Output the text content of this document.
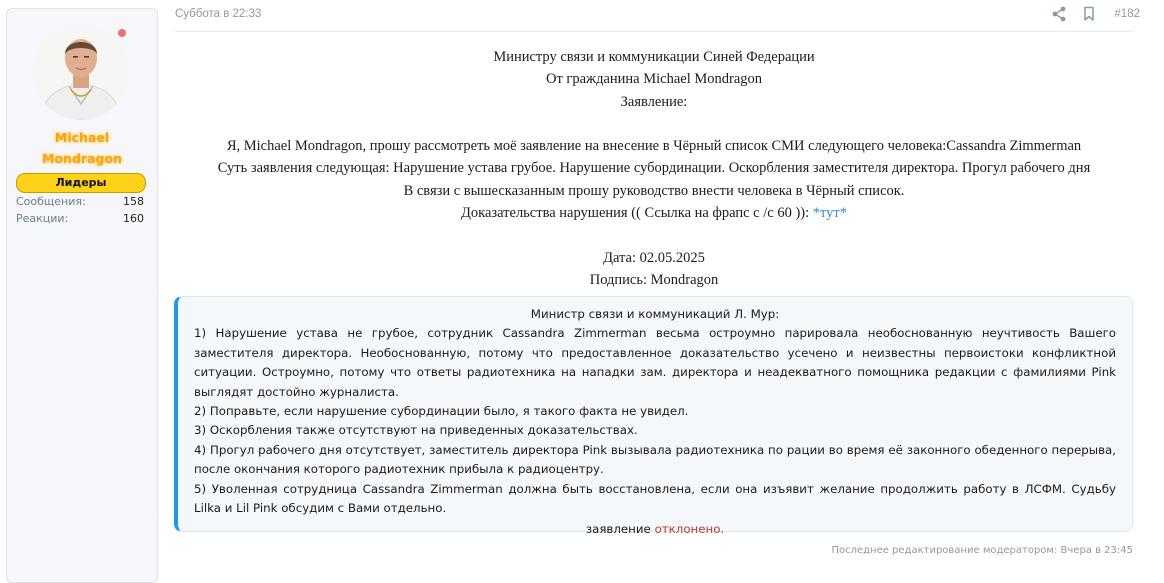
Michael
Mondragon
Лидеры
Сообщения:	158
Реакции:	160
Суббота в 22:33	#182
Министру связи и коммуникации Синей Федерации
От гражданина Michael Mondragon
Заявление:
Я, Michael Mondragon, прошу рассмотреть моё заявление на внесение в Чёрный список СМИ следующего человека:Cassandra Zimmerman
Суть заявления следующая: Нарушение устава грубое. Нарушение субординации. Оскорбления заместителя директора. Прогул рабочего дня
В связи с вышесказанным прошу руководство внести человека в Чёрный список.
Доказательства нарушения (( Ссылка на фрапс с /c 60 )): *тут*
Дата: 02.05.2025
Подпись: Mondragon
Министр связи и коммуникаций Л. Мур:
1) Нарушение устава не грубое, сотрудник Cassandra Zimmerman весьма остроумно парировала необоснованную неучтивость Вашего заместителя директора. Необоснованную, потому что предоставленное доказательство усечено и неизвестны первоистоки конфликтной ситуации. Остроумно, потому что ответы радиотехника на нападки зам. директора и неадекватного помощника редакции с фамилиями Pink выглядят достойно журналиста.
2) Поправьте, если нарушение субординации было, я такого факта не увидел.
3) Оскорбления также отсутствуют на приведенных доказательствах.
4) Прогул рабочего дня отсутствует, заместитель директора Pink вызывала радиотехника по рации во время её законного обеденного перерыва, после окончания которого радиотехник прибыла к радиоцентру.
5) Уволенная сотрудница Cassandra Zimmerman должна быть восстановлена, если она изъявит желание продолжить работу в ЛСФМ. Судьбу Lilka и Lil Pink обсудим с Вами отдельно.
заявление отклонено.
Последнее редактирование модератором: Вчера в 23:45
